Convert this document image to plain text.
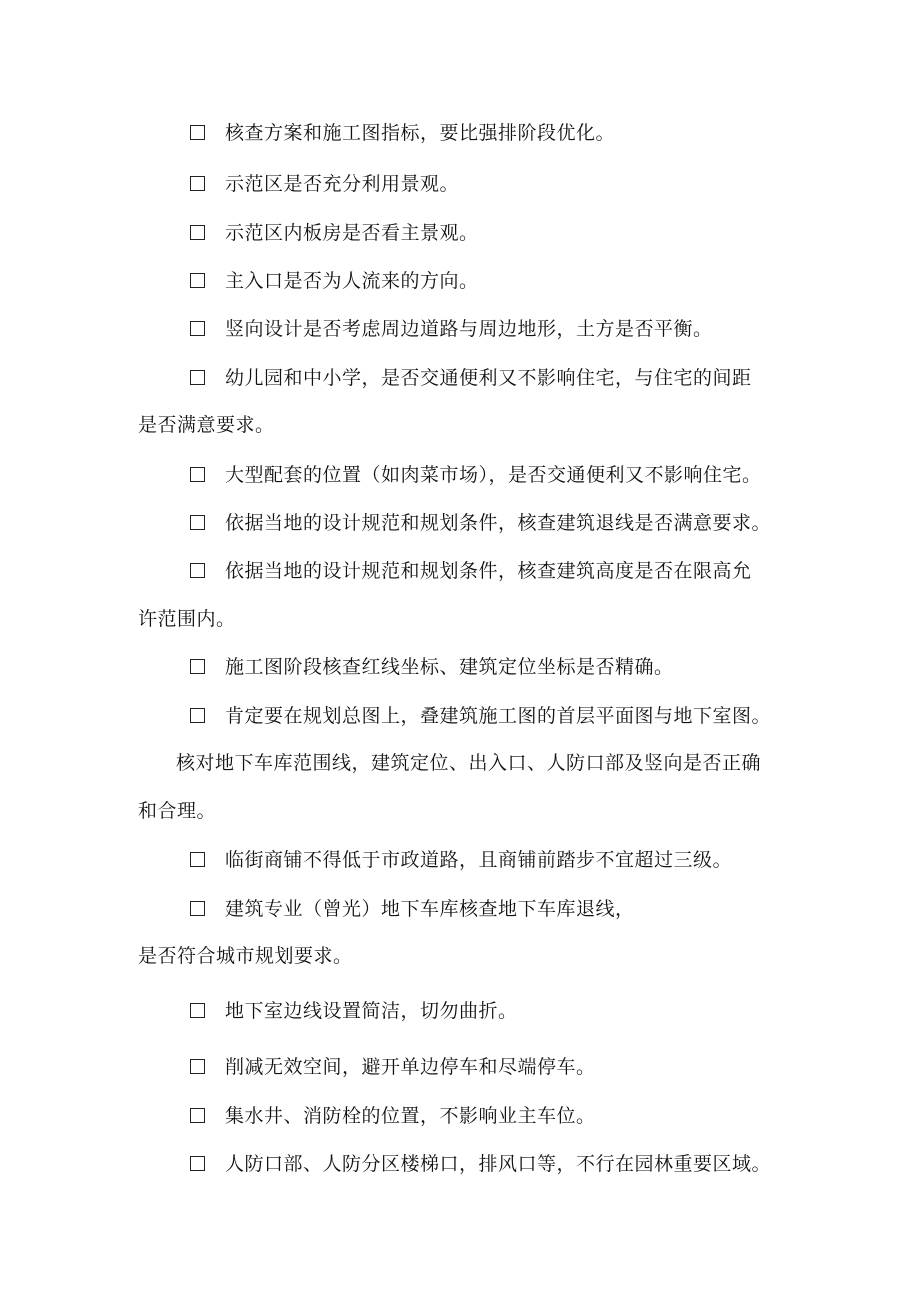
核查方案和施工图指标，要比强排阶段优化。
示范区是否充分利用景观。
示范区内板房是否看主景观。
主入口是否为人流来的方向。
竖向设计是否考虑周边道路与周边地形，土方是否平衡。
幼儿园和中小学，是否交通便利又不影响住宅，与住宅的间距
是否满意要求。
大型配套的位置（如肉菜市场），是否交通便利又不影响住宅。
依据当地的设计规范和规划条件，核查建筑退线是否满意要求。
依据当地的设计规范和规划条件，核查建筑高度是否在限高允
许范围内。
施工图阶段核查红线坐标、建筑定位坐标是否精确。
肯定要在规划总图上，叠建筑施工图的首层平面图与地下室图。
核对地下车库范围线，建筑定位、出入口、人防口部及竖向是否正确
和合理。
临街商铺不得低于市政道路，且商铺前踏步不宜超过三级。
建筑专业（曾光）地下车库核查地下车库退线，
是否符合城市规划要求。
地下室边线设置简洁，切勿曲折。
削减无效空间，避开单边停车和尽端停车。
集水井、消防栓的位置，不影响业主车位。
人防口部、人防分区楼梯口，排风口等，不行在园林重要区域。
